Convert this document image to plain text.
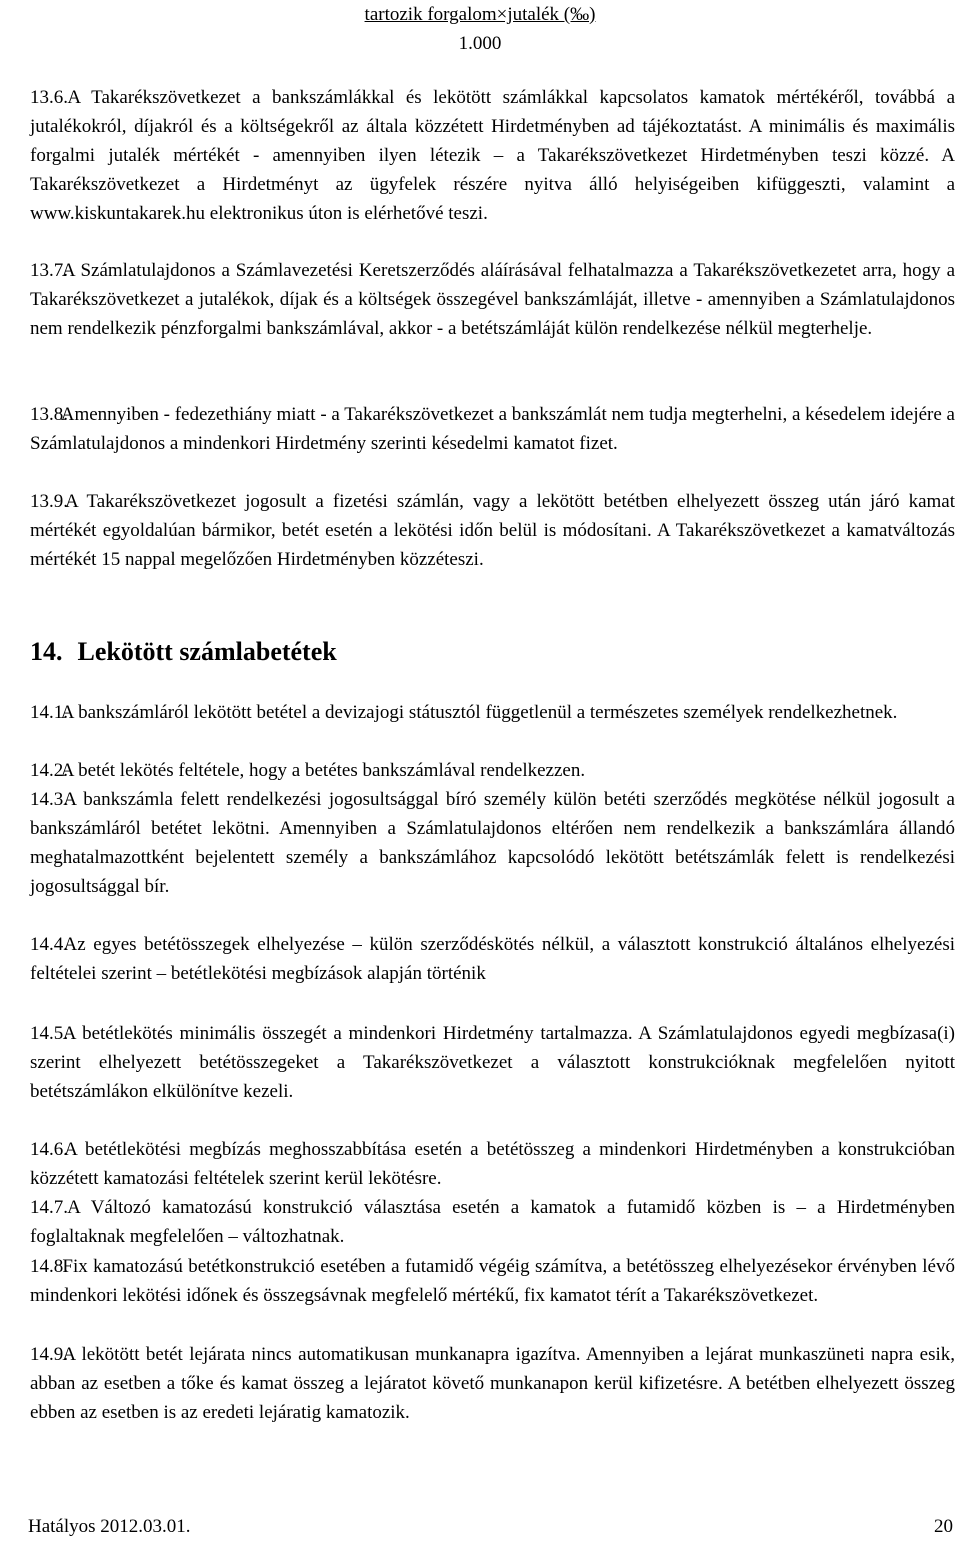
tartozik forgalom×jutalék (‰)
1.000
13.6. A Takarékszövetkezet a bankszámlákkal és lekötött számlákkal kapcsolatos kamatok mértékéről, továbbá a jutalékokról, díjakról és a költségekről az általa közzétett Hirdetményben ad tájékoztatást. A minimális és maximális forgalmi jutalék mértékét - amennyiben ilyen létezik – a Takarékszövetkezet Hirdetményben teszi közzé. A Takarékszövetkezet a Hirdetményt az ügyfelek részére nyitva álló helyiségeiben kifüggeszti, valamint a www.kiskuntakarek.hu elektronikus úton is elérhetővé teszi.
13.7. A Számlatulajdonos a Számlavezetési Keretszerződés aláírásával felhatalmazza a Takarékszövetkezetet arra, hogy a Takarékszövetkezet a jutalékok, díjak és a költségek összegével bankszámláját, illetve - amennyiben a Számlatulajdonos nem rendelkezik pénzforgalmi bankszámlával, akkor - a betétszámláját külön rendelkezése nélkül megterhelje.
13.8. Amennyiben - fedezethiány miatt - a Takarékszövetkezet a bankszámlát nem tudja megterhelni, a késedelem idejére a Számlatulajdonos a mindenkori Hirdetmény szerinti késedelmi kamatot fizet.
13.9. A Takarékszövetkezet jogosult a fizetési számlán, vagy a lekötött betétben elhelyezett összeg után járó kamat mértékét egyoldalúan bármikor, betét esetén a lekötési időn belül is módosítani. A Takarékszövetkezet a kamatváltozás mértékét 15 nappal megelőzően Hirdetményben közzéteszi.
14. Lekötött számlabetétek
14.1. A bankszámláról lekötött betétel a devizajogi státusztól függetlenül a természetes személyek rendelkezhetnek.
14.2. A betét lekötés feltétele, hogy a betétes bankszámlával rendelkezzen.
14.3. A bankszámla felett rendelkezési jogosultsággal bíró személy külön betéti szerződés megkötése nélkül jogosult a bankszámláról betétet lekötni. Amennyiben a Számlatulajdonos eltérően nem rendelkezik a bankszámlára állandó meghatalmazottként bejelentett személy a bankszámlához kapcsolódó lekötött betétszámlák felett is rendelkezési jogosultsággal bír.
14.4. Az egyes betétösszegek elhelyezése – külön szerződéskötés nélkül, a választott konstrukció általános elhelyezési feltételei szerint – betétlekötési megbízások alapján történik
14.5. A betétlekötés minimális összegét a mindenkori Hirdetmény tartalmazza. A Számlatulajdonos egyedi megbízasa(i) szerint elhelyezett betétösszegeket a Takarékszövetkezet a választott konstrukcióknak megfelelően nyitott betétszámlákon elkülönítve kezeli.
14.6. A betétlekötési megbízás meghosszabbítása esetén a betétösszeg a mindenkori Hirdetményben a konstrukcióban közzétett kamatozási feltételek szerint kerül lekötésre.
14.7. A Változó kamatozású konstrukció választása esetén a kamatok a futamidő közben is – a Hirdetményben foglaltaknak megfelelően – változhatnak.
14.8. Fix kamatozású betétkonstrukció esetében a futamidő végéig számítva, a betétösszeg elhelyezésekor érvényben lévő mindenkori lekötési időnek és összegsávnak megfelelő mértékű, fix kamatot térít a Takarékszövetkezet.
14.9. A lekötött betét lejárata nincs automatikusan munkanapra igazítva. Amennyiben a lejárat munkaszüneti napra esik, abban az esetben a tőke és kamat összeg a lejáratot követő munkanapon kerül kifizetésre. A betétben elhelyezett összeg ebben az esetben is az eredeti lejáratig kamatozik.
Hatályos 2012.03.01.	20
